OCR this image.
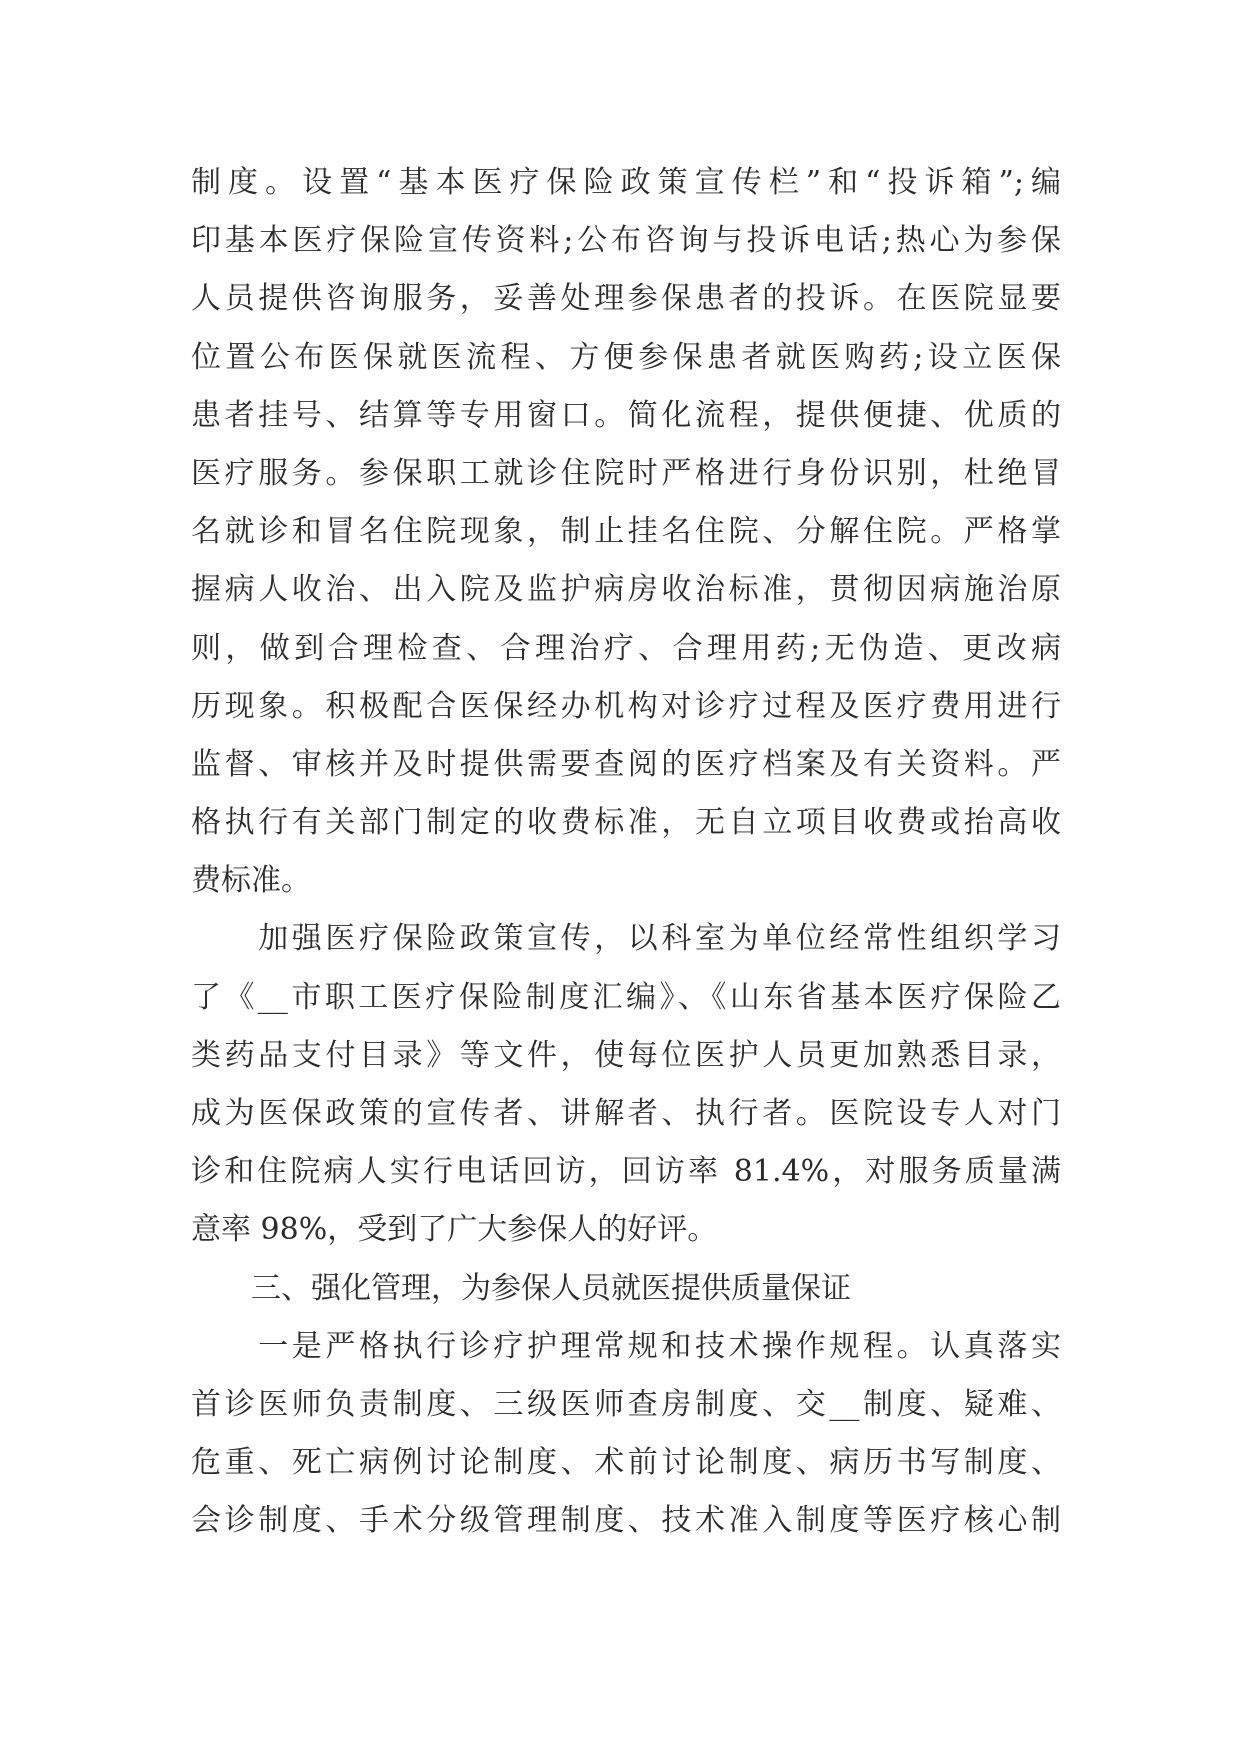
制度。设置“基本医疗保险政策宣传栏”和“投诉箱”;编
印基本医疗保险宣传资料;公布咨询与投诉电话;热心为参保
人员提供咨询服务，妥善处理参保患者的投诉。在医院显要
位置公布医保就医流程、方便参保患者就医购药;设立医保
患者挂号、结算等专用窗口。简化流程，提供便捷、优质的
医疗服务。参保职工就诊住院时严格进行身份识别，杜绝冒
名就诊和冒名住院现象，制止挂名住院、分解住院。严格掌
握病人收治、出入院及监护病房收治标准，贯彻因病施治原
则，做到合理检查、合理治疗、合理用药;无伪造、更改病
历现象。积极配合医保经办机构对诊疗过程及医疗费用进行
监督、审核并及时提供需要查阅的医疗档案及有关资料。严
格执行有关部门制定的收费标准，无自立项目收费或抬高收
费标准。
　　加强医疗保险政策宣传，以科室为单位经常性组织学习
了《__市职工医疗保险制度汇编》、《山东省基本医疗保险乙
类药品支付目录》等文件，使每位医护人员更加熟悉目录，
成为医保政策的宣传者、讲解者、执行者。医院设专人对门
诊和住院病人实行电话回访，回访率 81.4%，对服务质量满
意率 98%，受到了广大参保人的好评。
　　三、强化管理，为参保人员就医提供质量保证
　　一是严格执行诊疗护理常规和技术操作规程。认真落实
首诊医师负责制度、三级医师查房制度、交__制度、疑难、
危重、死亡病例讨论制度、术前讨论制度、病历书写制度、
会诊制度、手术分级管理制度、技术准入制度等医疗核心制
